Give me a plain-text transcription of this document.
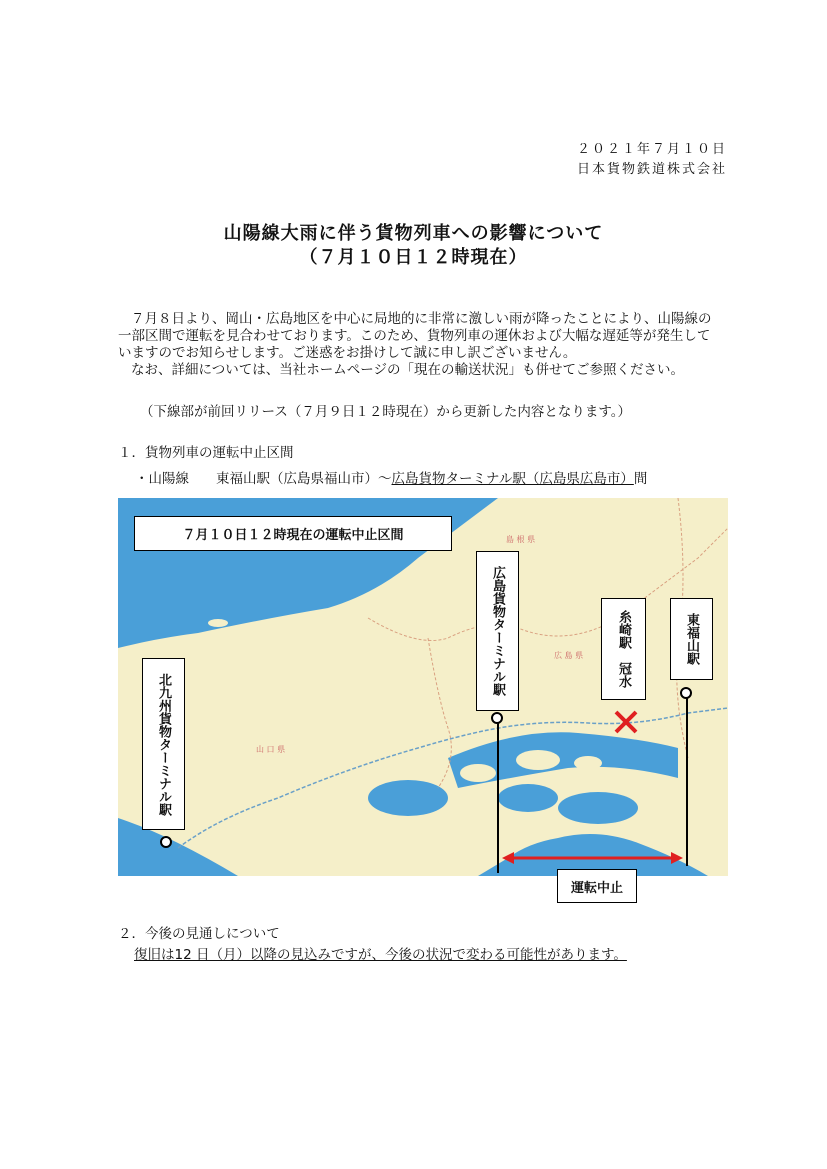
２０２１年７月１０日
日本貨物鉄道株式会社
山陽線大雨に伴う貨物列車への影響について
（７月１０日１２時現在）
７月８日より、岡山・広島地区を中心に局地的に非常に激しい雨が降ったことにより、山陽線の一部区間で運転を見合わせております。このため、貨物列車の運休および大幅な遅延等が発生していますのでお知らせします。ご迷惑をお掛けして誠に申し訳ございません。
なお、詳細については、当社ホームページの「現在の輸送状況」も併せてご参照ください。
（下線部が前回リリース（７月９日１２時現在）から更新した内容となります。）
１．貨物列車の運転中止区間
・山陽線　　東福山駅（広島県福山市）～広島貨物ターミナル駅（広島県広島市）間
島 根 県
広 島 県
山 口 県
７月１０日１２時現在の運転中止区間
北九州貨物ターミナル駅
広島貨物ターミナル駅	糸崎駅　冠水	東福山駅
運転中止
２．今後の見通しについて
復旧は12 日（月）以降の見込みですが、今後の状況で変わる可能性があります。
